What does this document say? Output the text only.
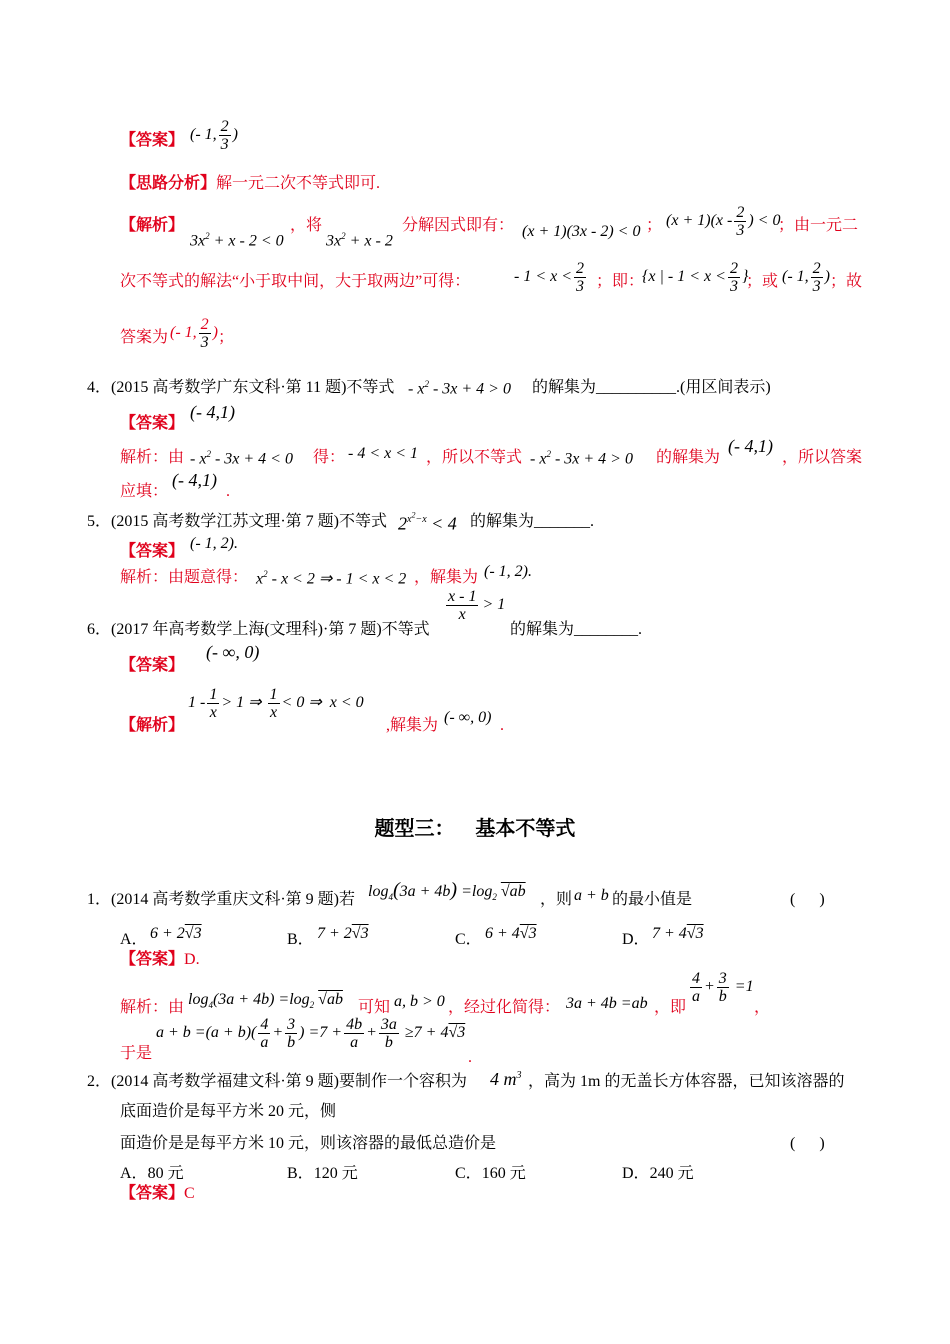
【答案】 (- 1, $\frac{2}{3}$ )
【思路分析】解一元二次不等式即可.
【解析】
$3x^2 + x - 2 < 0$
，将
$3x^2 + x - 2$
分解因式即有： (x + 1)(3x - 2) < 0 ； $(x + 1)(x - \frac{2}{3}$ ) < 0
；由一元二
次不等式的解法“小于取中间，大于取两边”可得：	- $1 < x < \frac{2}{3}$ ；即：
{x | - $1 < x < \frac{2}{3}$ }
；或 (- 1, $\frac{2}{3}$ ) ；故
答案为 (- 1, $\frac{2}{3}$ ) ；
4． (2015 高考数学广东文科·第 11 题)不等式 - $x^2 - 3x + 4 > 0$ 的解集为__________.(用区间表示)
【答案】
(- 4,1)
解析：由 - $x^2 - 3x + 4 < 0$ 得： - 4 < x < 1 ，所以不等式 - $x^2 - 3x + 4 > 0$ 的解集为
(- 4,1)
，所以答案
应填：
(- 4,1)
.
5． (2015 高考数学江苏文理·第 7 题)不等式 $2^{x^2-x} < 4$ 的解集为_______.
【答案】 (- 1, 2).
解析：由题意得： $x^2 - x < 2$ ⇒ - 1 < x < 2 ，解集为 (- 1, 2).
6． (2017 年高考数学上海(文理科)·第 7 题)不等式
$\frac{x - 1}{x} > 1$
的解集为________.
【答案】
(- ∞, 0)
【解析】
$1 - \frac{1}{x} > 1$ ⇒ $\frac{1}{x} < 0$ ⇒  x < 0
,解集为 (- ∞, 0) .
题型三：   基本不等式
1． (2014 高考数学重庆文科·第 9 题)若 $\log_4(3a + 4b) =\log_2$ √ab ，则 a + b 的最小值是	(      )
A． 6 + 2√3	B． 7 + 2√3	C． 6 + 4√3	D． 7 + 4√3
【答案】D.
解析：由 $\log_4(3a + 4b) =\log_2$ √ab 可知 a, b > 0 ，经过化简得： 3a + 4b =ab ，即
$\frac{4}{a} + \frac{3}{b} =1$
，
于是
$a + b =(a + b)( \frac{4}{a} + \frac{3}{b}$ ) $=7 + \frac{4b}{a} + \frac{3a}{b} \ge 7 + 4√3$
.
2． (2014 高考数学福建文科·第 9 题)要制作一个容积为 4 $m^3$ ，高为 1m 的无盖长方体容器，已知该溶器的
底面造价是每平方米 20 元，侧
面造价是是每平方米 10 元，则该溶器的最低总造价是	(      )
A．80 元	B．120 元	C．160 元	D．240 元
【答案】C
